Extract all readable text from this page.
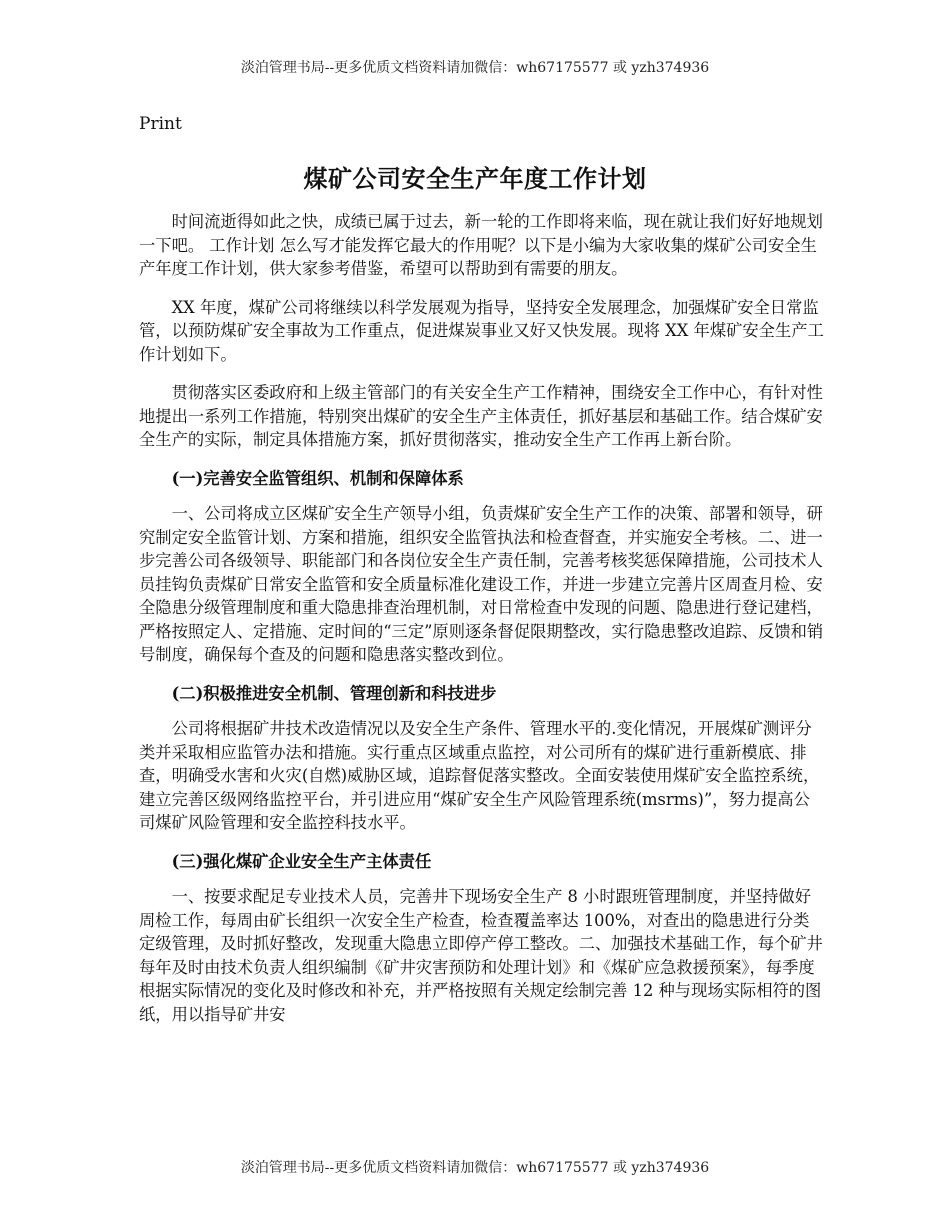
淡泊管理书局--更多优质文档资料请加微信：wh67175577 或 yzh374936
Print
煤矿公司安全生产年度工作计划

时间流逝得如此之快，成绩已属于过去，新一轮的工作即将来临，现在就让我们好好地规划一下吧。 工作计划 怎么写才能发挥它最大的作用呢？以下是小编为大家收集的煤矿公司安全生产年度工作计划，供大家参考借鉴，希望可以帮助到有需要的朋友。

XX 年度，煤矿公司将继续以科学发展观为指导，坚持安全发展理念，加强煤矿安全日常监管，以预防煤矿安全事故为工作重点，促进煤炭事业又好又快发展。现将 XX 年煤矿安全生产工作计划如下。

贯彻落实区委政府和上级主管部门的有关安全生产工作精神，围绕安全工作中心，有针对性地提出一系列工作措施，特别突出煤矿的安全生产主体责任，抓好基层和基础工作。结合煤矿安全生产的实际，制定具体措施方案，抓好贯彻落实，推动安全生产工作再上新台阶。

(一)完善安全监管组织、机制和保障体系

一、公司将成立区煤矿安全生产领导小组，负责煤矿安全生产工作的决策、部署和领导，研究制定安全监管计划、方案和措施，组织安全监管执法和检查督查，并实施安全考核。二、进一步完善公司各级领导、职能部门和各岗位安全生产责任制，完善考核奖惩保障措施，公司技术人员挂钩负责煤矿日常安全监管和安全质量标准化建设工作，并进一步建立完善片区周查月检、安全隐患分级管理制度和重大隐患排查治理机制，对日常检查中发现的问题、隐患进行登记建档，严格按照定人、定措施、定时间的“三定”原则逐条督促限期整改，实行隐患整改追踪、反馈和销号制度，确保每个查及的问题和隐患落实整改到位。

(二)积极推进安全机制、管理创新和科技进步

公司将根据矿井技术改造情况以及安全生产条件、管理水平的.变化情况，开展煤矿测评分类并采取相应监管办法和措施。实行重点区域重点监控，对公司所有的煤矿进行重新模底、排查，明确受水害和火灾(自燃)威胁区域，追踪督促落实整改。全面安装使用煤矿安全监控系统，建立完善区级网络监控平台，并引进应用“煤矿安全生产风险管理系统(msrms)”，努力提高公司煤矿风险管理和安全监控科技水平。

(三)强化煤矿企业安全生产主体责任

一、按要求配足专业技术人员，完善井下现场安全生产 8 小时跟班管理制度，并坚持做好周检工作，每周由矿长组织一次安全生产检查，检查覆盖率达 100%，对查出的隐患进行分类定级管理，及时抓好整改，发现重大隐患立即停产停工整改。二、加强技术基础工作，每个矿井每年及时由技术负责人组织编制《矿井灾害预防和处理计划》和《煤矿应急救援预案》，每季度根据实际情况的变化及时修改和补充，并严格按照有关规定绘制完善 12 种与现场实际相符的图纸，用以指导矿井安

淡泊管理书局--更多优质文档资料请加微信：wh67175577 或 yzh374936
